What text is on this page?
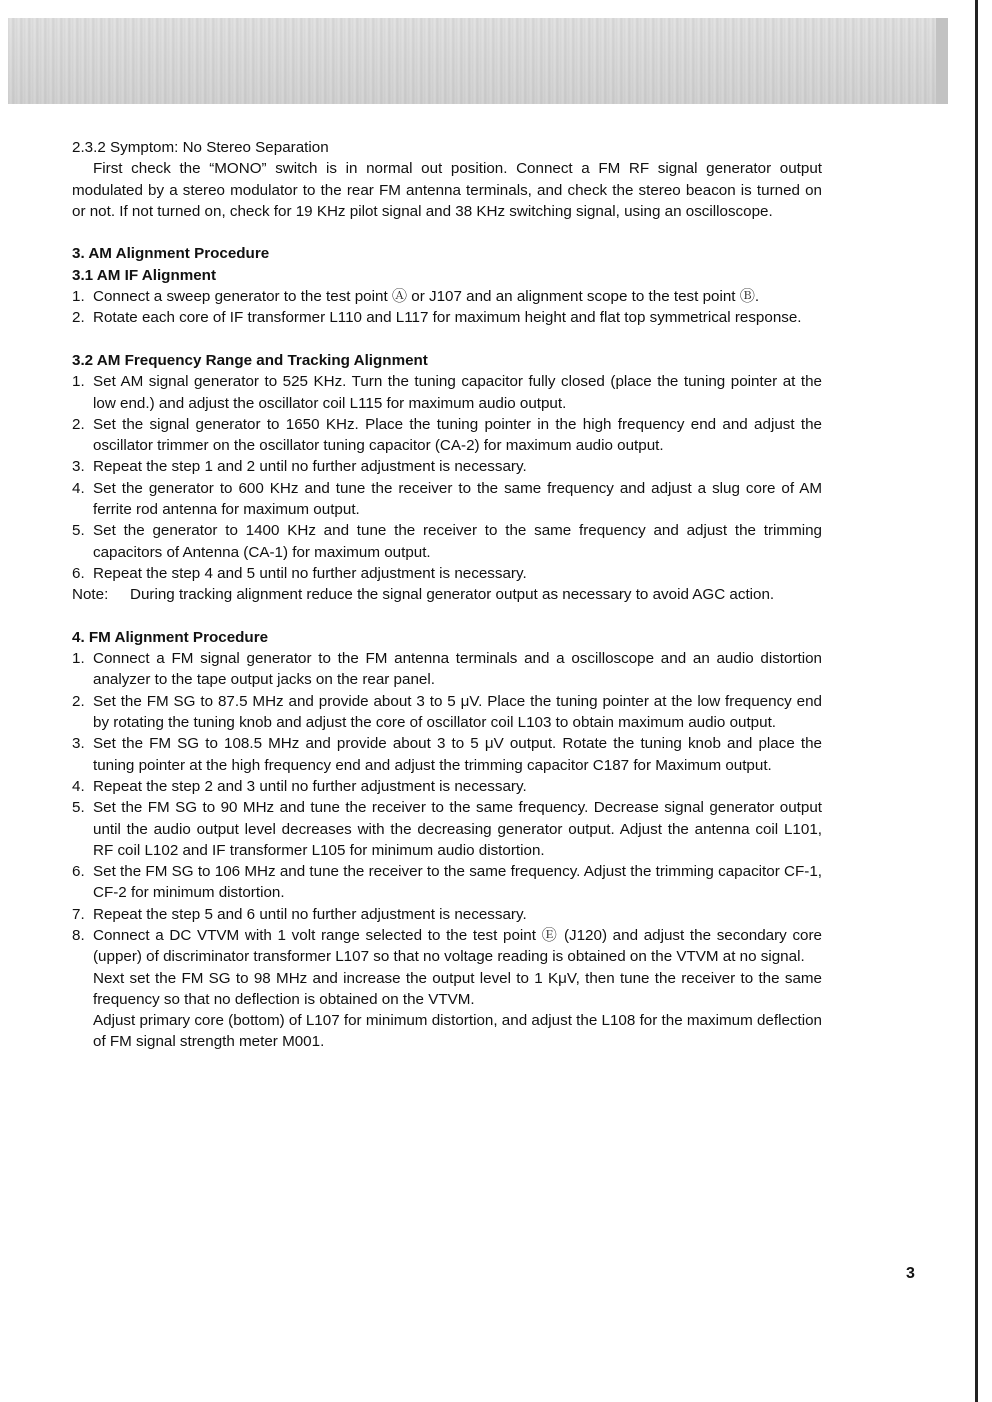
2.3.2 Symptom: No Stereo Separation

First check the “MONO” switch is in normal out position. Connect a FM RF signal generator output modulated by a stereo modulator to the rear FM antenna terminals, and check the stereo beacon is turned on or not. If not turned on, check for 19 KHz pilot signal and 38 KHz switching signal, using an oscilloscope.

3. AM Alignment Procedure

3.1 AM IF Alignment

1. Connect a sweep generator to the test point Ⓐ or J107 and an alignment scope to the test point Ⓑ.
2. Rotate each core of IF transformer L110 and L117 for maximum height and flat top symmetrical response.

3.2 AM Frequency Range and Tracking Alignment

1. Set AM signal generator to 525 KHz. Turn the tuning capacitor fully closed (place the tuning pointer at the low end.) and adjust the oscillator coil L115 for maximum audio output.
2. Set the signal generator to 1650 KHz. Place the tuning pointer in the high frequency end and adjust the oscillator trimmer on the oscillator tuning capacitor (CA-2) for maximum audio output.
3. Repeat the step 1 and 2 until no further adjustment is necessary.
4. Set the generator to 600 KHz and tune the receiver to the same frequency and adjust a slug core of AM ferrite rod antenna for maximum output.
5. Set the generator to 1400 KHz and tune the receiver to the same frequency and adjust the trimming capacitors of Antenna (CA-1) for maximum output.
6. Repeat the step 4 and 5 until no further adjustment is necessary.

Note: During tracking alignment reduce the signal generator output as necessary to avoid AGC action.

4. FM Alignment Procedure

1. Connect a FM signal generator to the FM antenna terminals and a oscilloscope and an audio distortion analyzer to the tape output jacks on the rear panel.
2. Set the FM SG to 87.5 MHz and provide about 3 to 5 μV. Place the tuning pointer at the low frequency end by rotating the tuning knob and adjust the core of oscillator coil L103 to obtain maximum audio output.
3. Set the FM SG to 108.5 MHz and provide about 3 to 5 μV output. Rotate the tuning knob and place the tuning pointer at the high frequency end and adjust the trimming capacitor C187 for Maximum output.
4. Repeat the step 2 and 3 until no further adjustment is necessary.
5. Set the FM SG to 90 MHz and tune the receiver to the same frequency. Decrease signal generator output until the audio output level decreases with the decreasing generator output. Adjust the antenna coil L101, RF coil L102 and IF transformer L105 for minimum audio distortion.
6. Set the FM SG to 106 MHz and tune the receiver to the same frequency. Adjust the trimming capacitor CF-1, CF-2 for minimum distortion.
7. Repeat the step 5 and 6 until no further adjustment is necessary.
8. Connect a DC VTVM with 1 volt range selected to the test point Ⓔ (J120) and adjust the secondary core (upper) of discriminator transformer L107 so that no voltage reading is obtained on the VTVM at no signal.
Next set the FM SG to 98 MHz and increase the output level to 1 KμV, then tune the receiver to the same frequency so that no deflection is obtained on the VTVM.
Adjust primary core (bottom) of L107 for minimum distortion, and adjust the L108 for the maximum deflection of FM signal strength meter M001.
3
